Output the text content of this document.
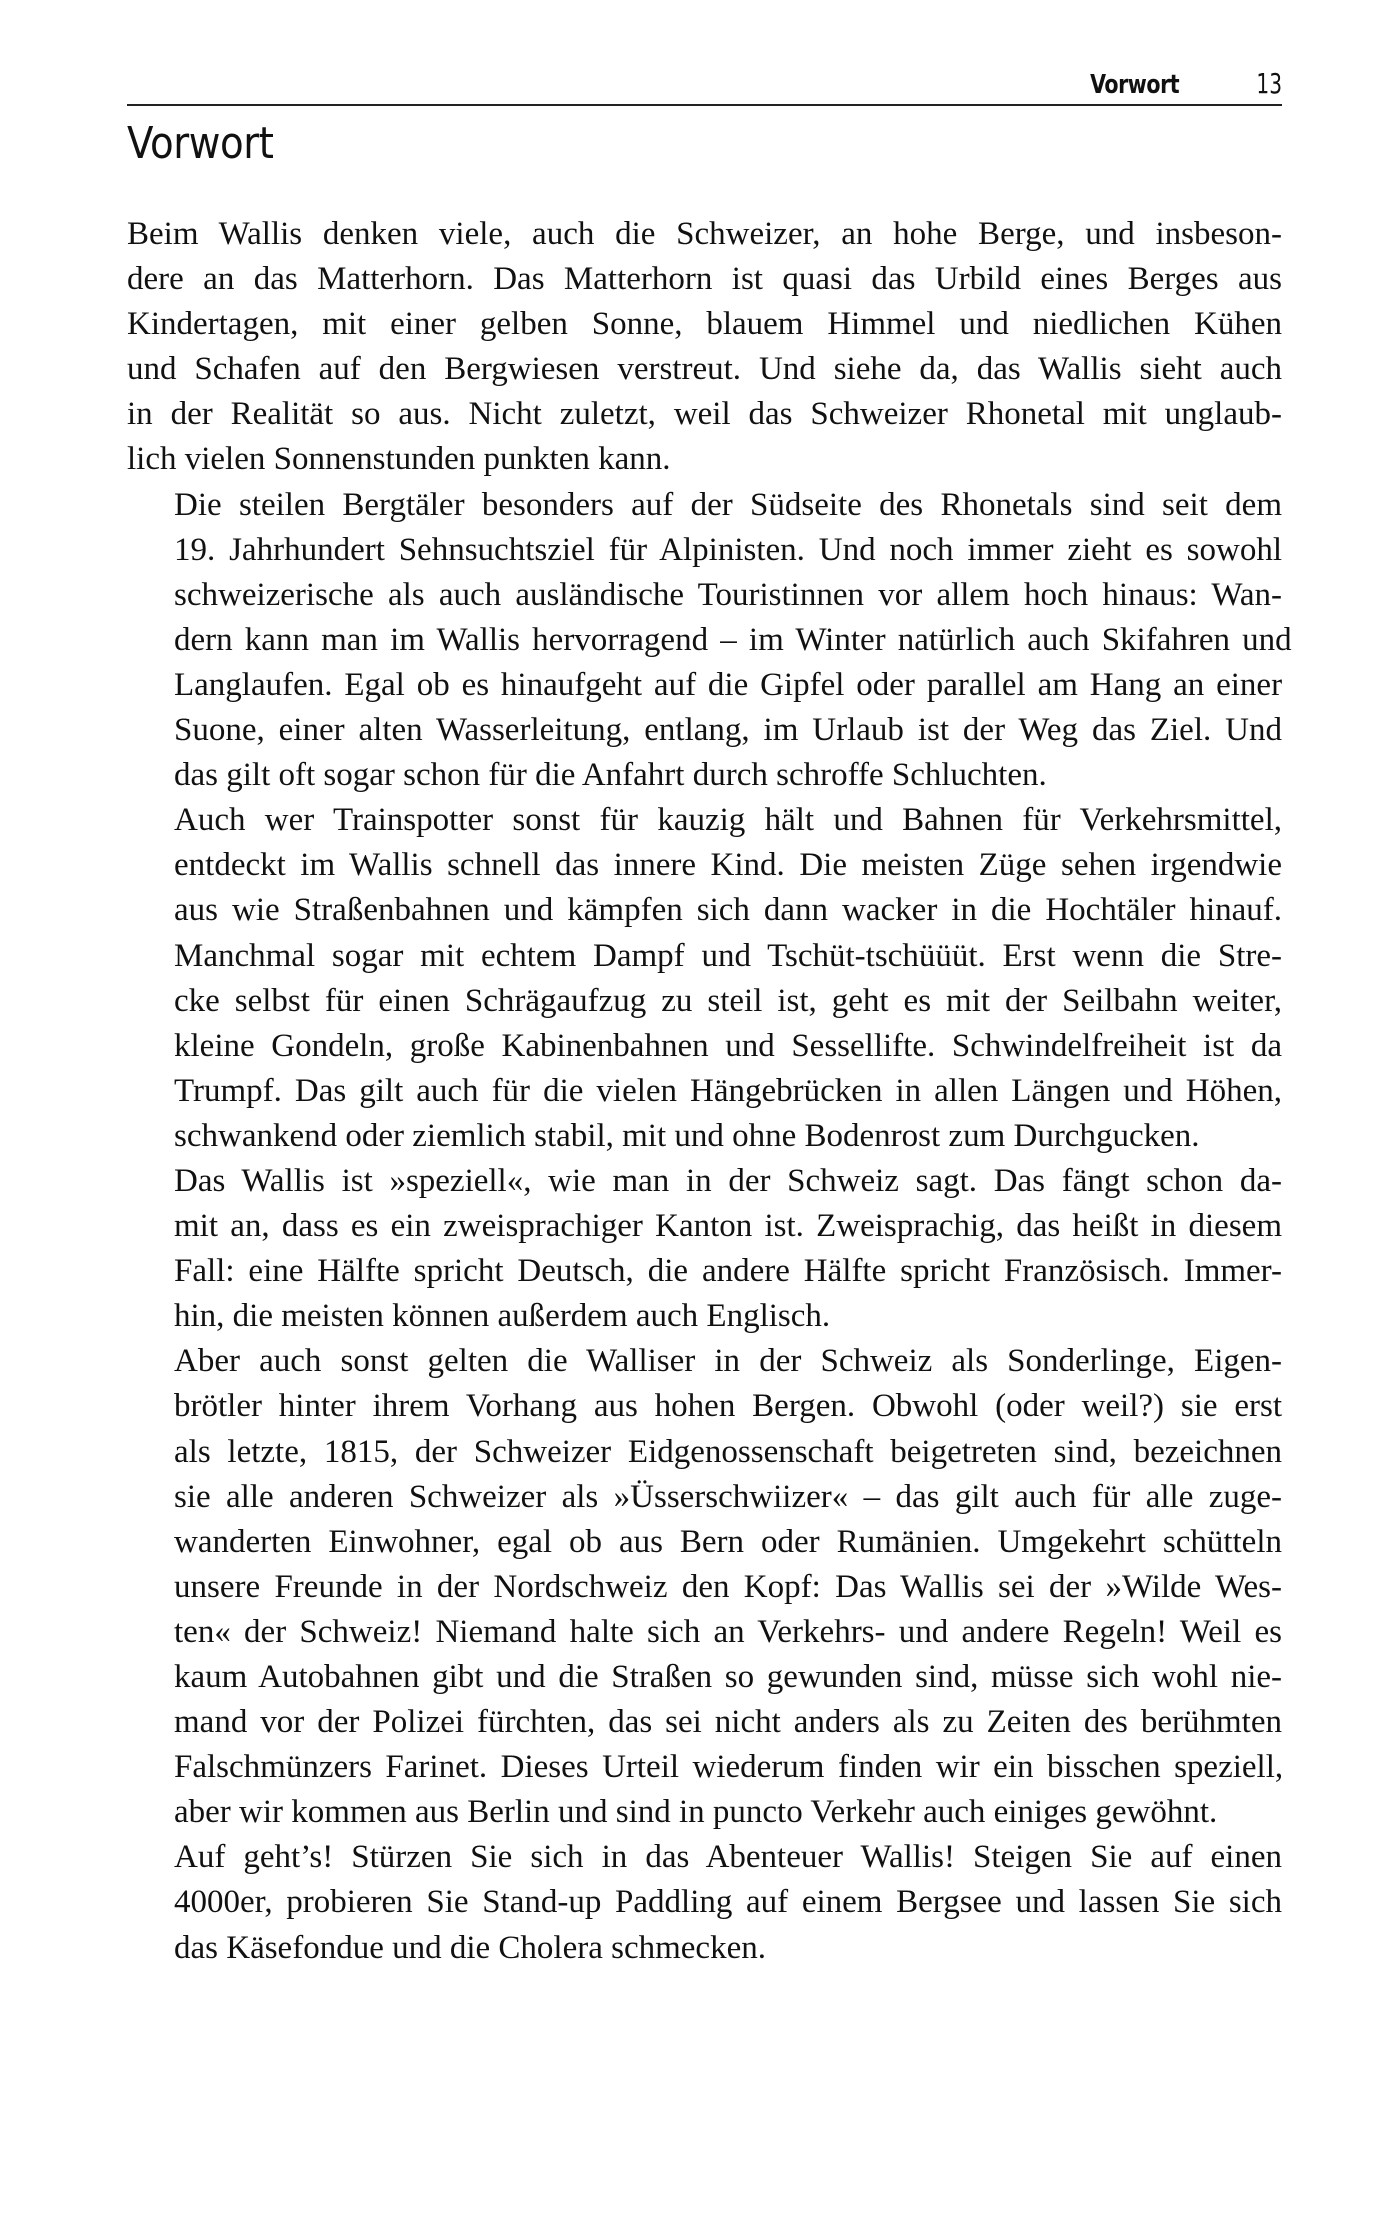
Vorwort	13
Vorwort

Beim Wallis denken viele, auch die Schweizer, an hohe Berge, und insbeson-
dere an das Matterhorn. Das Matterhorn ist quasi das Urbild eines Berges aus
Kindertagen, mit einer gelben Sonne, blauem Himmel und niedlichen Kühen
und Schafen auf den Bergwiesen verstreut. Und siehe da, das Wallis sieht auch
in der Realität so aus. Nicht zuletzt, weil das Schweizer Rhonetal mit unglaub-
lich vielen Sonnenstunden punkten kann.

Die steilen Bergtäler besonders auf der Südseite des Rhonetals sind seit dem
19. Jahrhundert Sehnsuchtsziel für Alpinisten. Und noch immer zieht es sowohl
schweizerische als auch ausländische Touristinnen vor allem hoch hinaus: Wan-
dern kann man im Wallis hervorragend – im Winter natürlich auch Skifahren und
Langlaufen. Egal ob es hinaufgeht auf die Gipfel oder parallel am Hang an einer
Suone, einer alten Wasserleitung, entlang, im Urlaub ist der Weg das Ziel. Und
das gilt oft sogar schon für die Anfahrt durch schroffe Schluchten.

Auch wer Trainspotter sonst für kauzig hält und Bahnen für Verkehrsmittel,
entdeckt im Wallis schnell das innere Kind. Die meisten Züge sehen irgendwie
aus wie Straßenbahnen und kämpfen sich dann wacker in die Hochtäler hinauf.
Manchmal sogar mit echtem Dampf und Tschüt-tschüüüt. Erst wenn die Stre-
cke selbst für einen Schrägaufzug zu steil ist, geht es mit der Seilbahn weiter,
kleine Gondeln, große Kabinenbahnen und Sessellifte. Schwindelfreiheit ist da
Trumpf. Das gilt auch für die vielen Hängebrücken in allen Längen und Höhen,
schwankend oder ziemlich stabil, mit und ohne Bodenrost zum Durchgucken.

Das Wallis ist »speziell«, wie man in der Schweiz sagt. Das fängt schon da-
mit an, dass es ein zweisprachiger Kanton ist. Zweisprachig, das heißt in diesem
Fall: eine Hälfte spricht Deutsch, die andere Hälfte spricht Französisch. Immer-
hin, die meisten können außerdem auch Englisch.

Aber auch sonst gelten die Walliser in der Schweiz als Sonderlinge, Eigen-
brötler hinter ihrem Vorhang aus hohen Bergen. Obwohl (oder weil?) sie erst
als letzte, 1815, der Schweizer Eidgenossenschaft beigetreten sind, bezeichnen
sie alle anderen Schweizer als »Üsserschwiizer« – das gilt auch für alle zuge-
wanderten Einwohner, egal ob aus Bern oder Rumänien. Umgekehrt schütteln
unsere Freunde in der Nordschweiz den Kopf: Das Wallis sei der »Wilde Wes-
ten« der Schweiz! Niemand halte sich an Verkehrs- und andere Regeln! Weil es
kaum Autobahnen gibt und die Straßen so gewunden sind, müsse sich wohl nie-
mand vor der Polizei fürchten, das sei nicht anders als zu Zeiten des berühmten
Falschmünzers Farinet. Dieses Urteil wiederum finden wir ein bisschen speziell,
aber wir kommen aus Berlin und sind in puncto Verkehr auch einiges gewöhnt.

Auf geht’s! Stürzen Sie sich in das Abenteuer Wallis! Steigen Sie auf einen
4000er, probieren Sie Stand-up Paddling auf einem Bergsee und lassen Sie sich
das Käsefondue und die Cholera schmecken.
